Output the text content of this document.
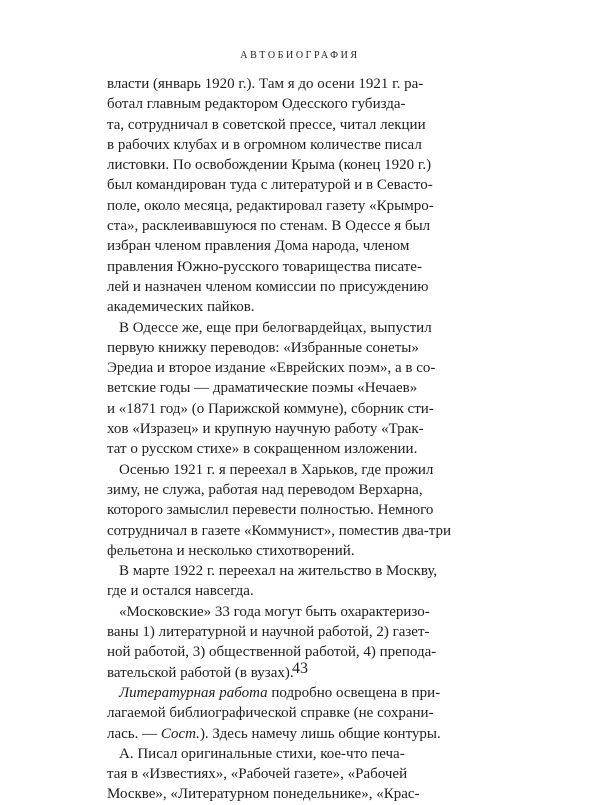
АВТОБИОГРАФИЯ
власти (январь 1920 г.). Там я до осени 1921 г. ра-
ботал главным редактором Одесского губизда-
та, сотрудничал в советской прессе, читал лекции
в рабочих клубах и в огромном количестве писал
листовки. По освобождении Крыма (конец 1920 г.)
был командирован туда с литературой и в Севасто-
поле, около месяца, редактировал газету «Крымро-
ста», расклеивавшуюся по стенам. В Одессе я был
избран членом правления Дома народа, членом
правления Южно-русского товарищества писате-
лей и назначен членом комиссии по присуждению
академических пайков.
В Одессе же, еще при белогвардейцах, выпустил
первую книжку переводов: «Избранные сонеты»
Эредиа и второе издание «Еврейских поэм», а в со-
ветские годы — драматические поэмы «Нечаев»
и «1871 год» (о Парижской коммуне), сборник сти-
хов «Изразец» и крупную научную работу «Трак-
тат о русском стихе» в сокращенном изложении.
Осенью 1921 г. я переехал в Харьков, где прожил
зиму, не служа, работая над переводом Верхарна,
которого замыслил перевести полностью. Немного
сотрудничал в газете «Коммунист», поместив два-три
фельетона и несколько стихотворений.
В марте 1922 г. переехал на жительство в Москву,
где и остался навсегда.
«Московские» 33 года могут быть охарактеризо-
ваны 1) литературной и научной работой, 2) газет-
ной работой, 3) общественной работой, 4) препода-
вательской работой (в вузах).
Литературная работа подробно освещена в при-
лагаемой библиографической справке (не сохрани-
лась. — Сост.). Здесь намечу лишь общие контуры.
А. Писал оригинальные стихи, кое-что печа-
тая в «Известиях», «Рабочей газете», «Рабочей
Москве», «Литературном понедельнике», «Крас-
43
